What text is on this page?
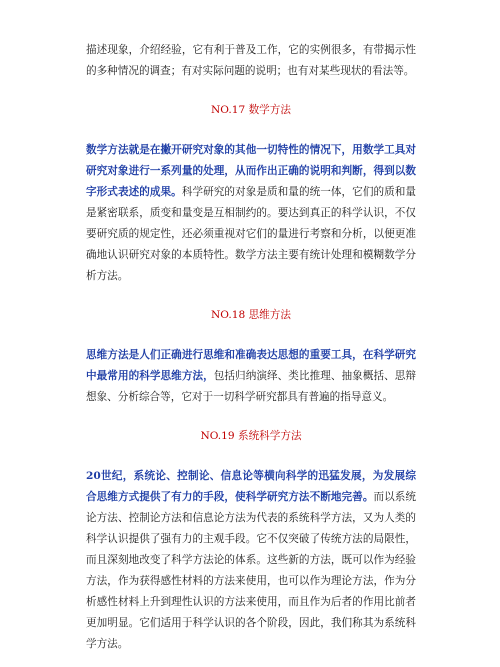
描述现象，介绍经验，它有利于普及工作，它的实例很多，有带揭示性的多种情况的调查；有对实际问题的说明；也有对某些现状的看法等。

NO.17 数学方法

数学方法就是在撇开研究对象的其他一切特性的情况下，用数学工具对研究对象进行一系列量的处理，从而作出正确的说明和判断，得到以数字形式表述的成果。科学研究的对象是质和量的统一体，它们的质和量是紧密联系，质变和量变是互相制约的。要达到真正的科学认识，不仅要研究质的规定性，还必须重视对它们的量进行考察和分析，以便更准确地认识研究对象的本质特性。数学方法主要有统计处理和模糊数学分析方法。

NO.18 思维方法

思维方法是人们正确进行思维和准确表达思想的重要工具，在科学研究中最常用的科学思维方法，包括归纳演绎、类比推理、抽象概括、思辩想象、分析综合等，它对于一切科学研究都具有普遍的指导意义。

NO.19 系统科学方法

20世纪，系统论、控制论、信息论等横向科学的迅猛发展，为发展综合思维方式提供了有力的手段，使科学研究方法不断地完善。而以系统论方法、控制论方法和信息论方法为代表的系统科学方法，又为人类的科学认识提供了强有力的主观手段。它不仅突破了传统方法的局限性，而且深刻地改变了科学方法论的体系。这些新的方法，既可以作为经验方法，作为获得感性材料的方法来使用，也可以作为理论方法，作为分析感性材料上升到理性认识的方法来使用，而且作为后者的作用比前者更加明显。它们适用于科学认识的各个阶段，因此，我们称其为系统科学方法。
